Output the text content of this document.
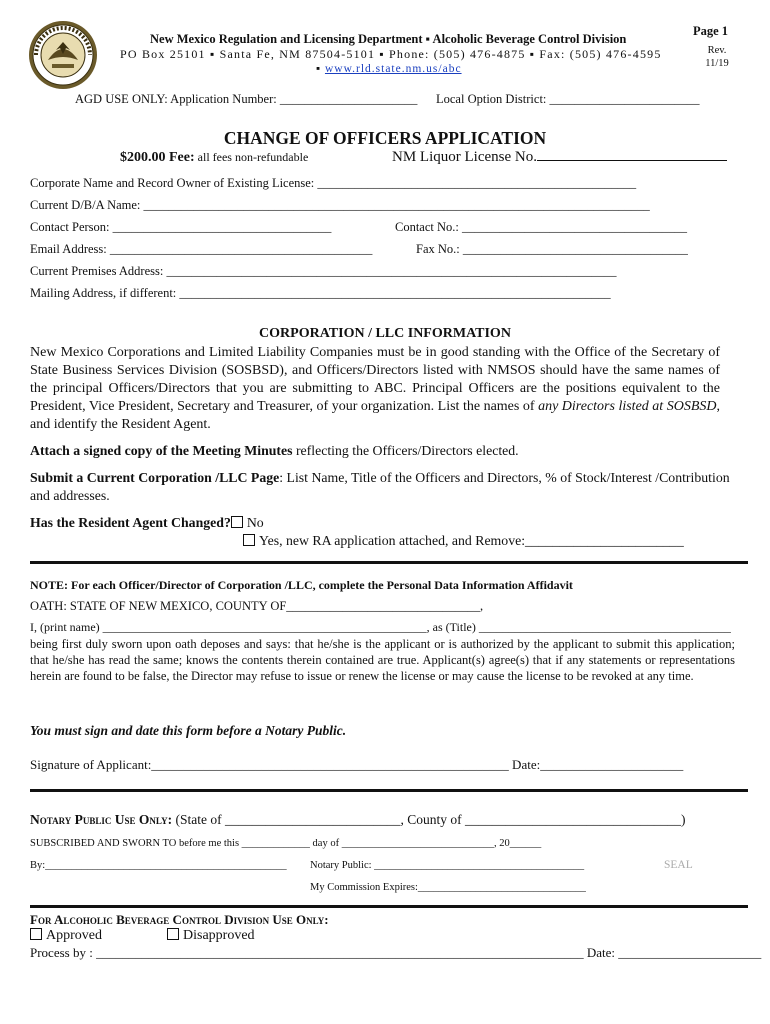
New Mexico Regulation and Licensing Department ▪ Alcoholic Beverage Control Division
PO Box 25101 ▪ Santa Fe, NM 87504-5101 ▪ Phone: (505) 476-4875 ▪ Fax: (505) 476-4595
▪ www.rld.state.nm.us/abc
Page 1
Rev.
11/19
AGD USE ONLY: Application Number: ______________________ Local Option District: ________________________
CHANGE OF OFFICERS APPLICATION
$200.00 Fee: all fees non-refundable	NM Liquor License No.
Corporate Name and Record Owner of Existing License: ___________________________________________________
Current D/B/A Name: _________________________________________________________________________________
Contact Person: ___________________________________	Contact No.: ____________________________________
Email Address: __________________________________________	Fax No.: ____________________________________
Current Premises Address: ________________________________________________________________________
Mailing Address, if different: _____________________________________________________________________
CORPORATION / LLC INFORMATION
New Mexico Corporations and Limited Liability Companies must be in good standing with the Office of the Secretary of State Business Services Division (SOSBSD), and Officers/Directors listed with NMSOS should have the same names of the principal Officers/Directors that you are submitting to ABC. Principal Officers are the positions equivalent to the President, Vice President, Secretary and Treasurer, of your organization. List the names of any Directors listed at SOSBSD, and identify the Resident Agent.
Attach a signed copy of the Meeting Minutes reflecting the Officers/Directors elected.
Submit a Current Corporation /LLC Page: List Name, Title of the Officers and Directors, % of Stock/Interest /Contribution and addresses.
Has the Resident Agent Changed? No
Yes, new RA application attached, and Remove:_______________________
NOTE: For each Officer/Director of Corporation /LLC, complete the Personal Data Information Affidavit
OATH: STATE OF NEW MEXICO, COUNTY OF_______________________________,
I, (print name) ______________________________________________________, as (Title) __________________________________________
being first duly sworn upon oath deposes and says: that he/she is the applicant or is authorized by the applicant to submit this application; that he/she has read the same; knows the contents therein contained are true. Applicant(s) agree(s) that if any statements or representations herein are found to be false, the Director may refuse to issue or renew the license or may cause the license to be revoked at any time.
You must sign and date this form before a Notary Public.
Signature of Applicant:_______________________________________________________ Date:______________________
Notary Public Use Only: (State of __________________________, County of ________________________________)
SUBSCRIBED AND SWORN TO before me this _____________ day of _____________________________, 20______
By:______________________________________________ Notary Public: ________________________________________	SEAL
My Commission Expires:________________________________
For Alcoholic Beverage Control Division Use Only:
Approved	Disapproved
Process by : ___________________________________________________________________________ Date: ______________________
